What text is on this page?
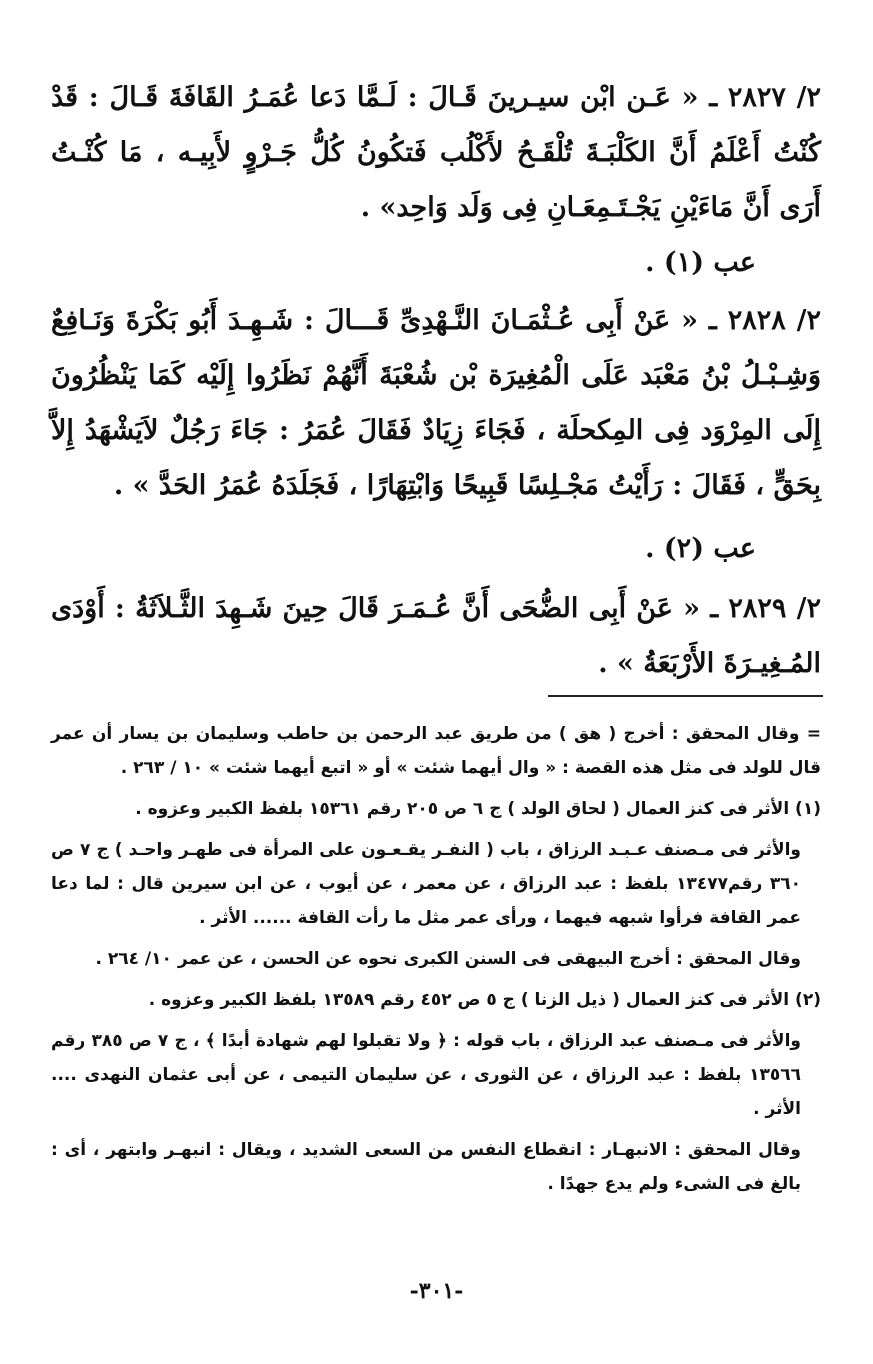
٢/ ٢٨٢٧ ـ « عَـن ابْن سيـرينَ قَـالَ : لَـمَّا دَعا عُمَـرُ القَافَةَ قَـالَ : قَدْ كُنْتُ أَعْلَمُ أَنَّ الكَلْبَـةَ تُلْقَـحُ لأَكْلُب فَتكُونُ كُلُّ جَـرْوٍ لأَبِيـه ، مَا كُنْـتُ أَرَى أَنَّ مَاءَيْنِ يَجْـتَـمِعَـانِ فِى وَلَد وَاحِد» .

عب (١) .

٢/ ٢٨٢٨ ـ « عَنْ أَبِى عُـثْمَـانَ النَّـهْدِىِّ قَـــالَ : شَـهِـدَ أَبُو بَكْرَةَ وَنَـافِعٌ وَشِـبْـلُ بْنُ مَعْبَد عَلَى الْمُغِيرَة بْن شُعْبَةَ أَنَّهُمْ نَظَرُوا إِلَيْه كَمَا يَنْظُرُونَ إِلَى المِرْوَد فِى المِكحلَة ، فَجَاءَ زِيَادٌ فَقَالَ عُمَرُ : جَاءَ رَجُلٌ لاَيَشْهَدُ إِلاَّ بِحَقٍّ ، فَقَالَ : رَأَيْتُ مَجْـلِسًا قَبِيحًا وَابْتِهَارًا ، فَجَلَدَهُ عُمَرُ الحَدَّ » .

عب (٢) .

٢/ ٢٨٢٩ ـ « عَنْ أَبِى الضُّحَى أَنَّ عُـمَـرَ قَالَ حِينَ شَـهِدَ الثَّـلاَثَةُ : أَوْدَى المُـغِيـرَةَ الأَرْبَعَةُ » .

= وقال المحقق : أخرج ( هق ) من طريق عبد الرحمن بن حاطب وسليمان بن يسار أن عمر قال للولد فى مثل هذه القصة : « وال أيهما شئت » أو « اتبع أيهما شئت » ١٠ / ٢٦٣ .

(١) الأثر فى كنز العمال ( لحاق الولد ) ج ٦ ص ٢٠٥ رقم ١٥٣٦١ بلفظ الكبير وعزوه .

والأثر فى مـصنف عـبـد الرزاق ، باب ( النفـر يقـعـون على المرأة فى طهـر واحـد ) ج ٧ ص ٣٦٠ رقم١٣٤٧٧ بلفظ : عبد الرزاق ، عن معمر ، عن أيوب ، عن ابن سيرين قال : لما دعا عمر القافة فرأوا شبهه فيهما ، ورأى عمر مثل ما رأت القافة ...... الأثر .

وقال المحقق : أخرج البيهقى فى السنن الكبرى نحوه عن الحسن ، عن عمر ١٠/ ٢٦٤ .

(٢) الأثر فى كنز العمال ( ذيل الزنا ) ج ٥ ص ٤٥٢ رقم ١٣٥٨٩ بلفظ الكبير وعزوه .

والأثر فى مـصنف عبد الرزاق ، باب قوله : ﴿ ولا تقبلوا لهم شهادة أبدًا ﴾ ، ج ٧ ص ٣٨٥ رقم ١٣٥٦٦ بلفظ : عبد الرزاق ، عن الثورى ، عن سليمان التيمى ، عن أبى عثمان النهدى .... الأثر .

وقال المحقق : الانبهـار : انقطاع النفس من السعى الشديد ، ويقال : انبهـر وابتهر ، أى : بالغ فى الشىء ولم يدع جهدًا .

-٣٠١-
